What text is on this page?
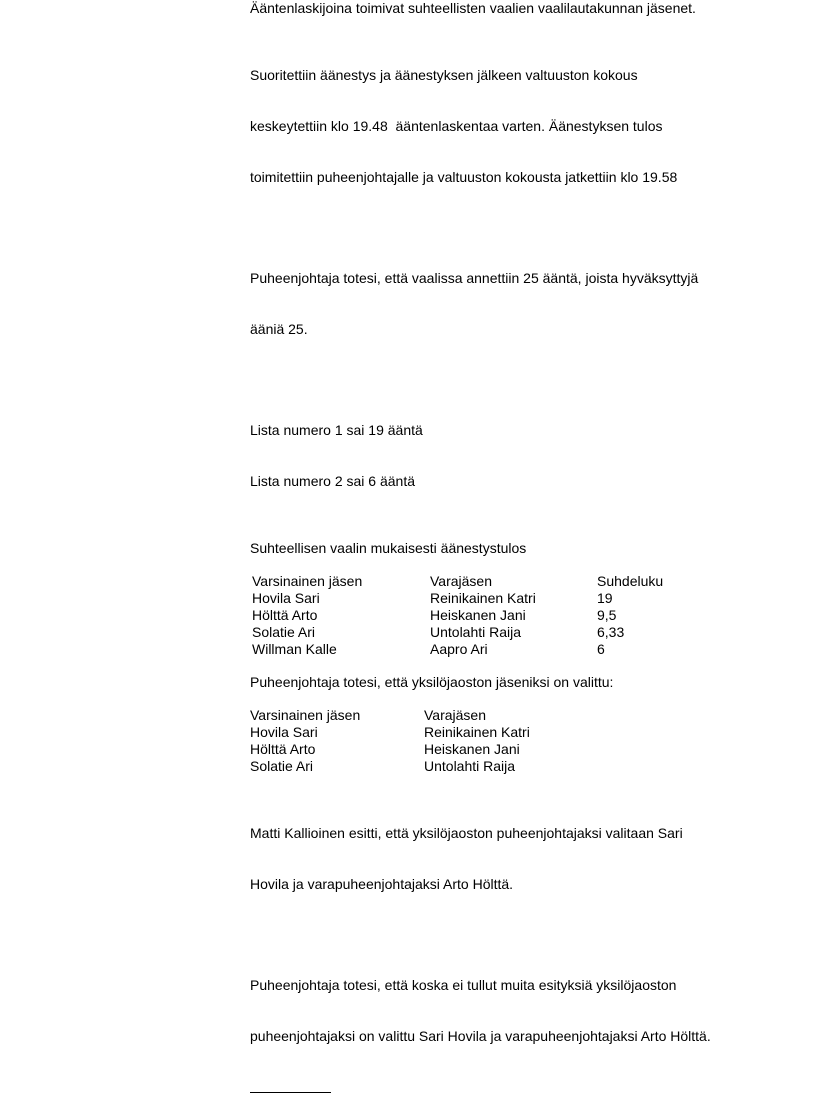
Ääntenlaskijoina toimivat suhteellisten vaalien vaalilautakunnan jäsenet.

Suoritettiin äänestys ja äänestyksen jälkeen valtuuston kokous

keskeytettiin klo 19.48  ääntenlaskentaa varten. Äänestyksen tulos

toimitettiin puheenjohtajalle ja valtuuston kokousta jatkettiin klo 19.58

Puheenjohtaja totesi, että vaalissa annettiin 25 ääntä, joista hyväksyttyjä

ääniä 25.

Lista numero 1 sai 19 ääntä

Lista numero 2 sai 6 ääntä

Suhteellisen vaalin mukaisesti äänestystulos

Varsinainen jäsen	Varajäsen	Suhdeluku
Hovila Sari	Reinikainen Katri	19
Hölttä Arto	Heiskanen Jani	9,5
Solatie Ari	Untolahti Raija	6,33
Willman Kalle	Aapro Ari	6

Puheenjohtaja totesi, että yksilöjaoston jäseniksi on valittu:

Varsinainen jäsen	Varajäsen
Hovila Sari	Reinikainen Katri
Hölttä Arto	Heiskanen Jani
Solatie Ari	Untolahti Raija

Matti Kallioinen esitti, että yksilöjaoston puheenjohtajaksi valitaan Sari

Hovila ja varapuheenjohtajaksi Arto Hölttä.

Puheenjohtaja totesi, että koska ei tullut muita esityksiä yksilöjaoston

puheenjohtajaksi on valittu Sari Hovila ja varapuheenjohtajaksi Arto Hölttä.
